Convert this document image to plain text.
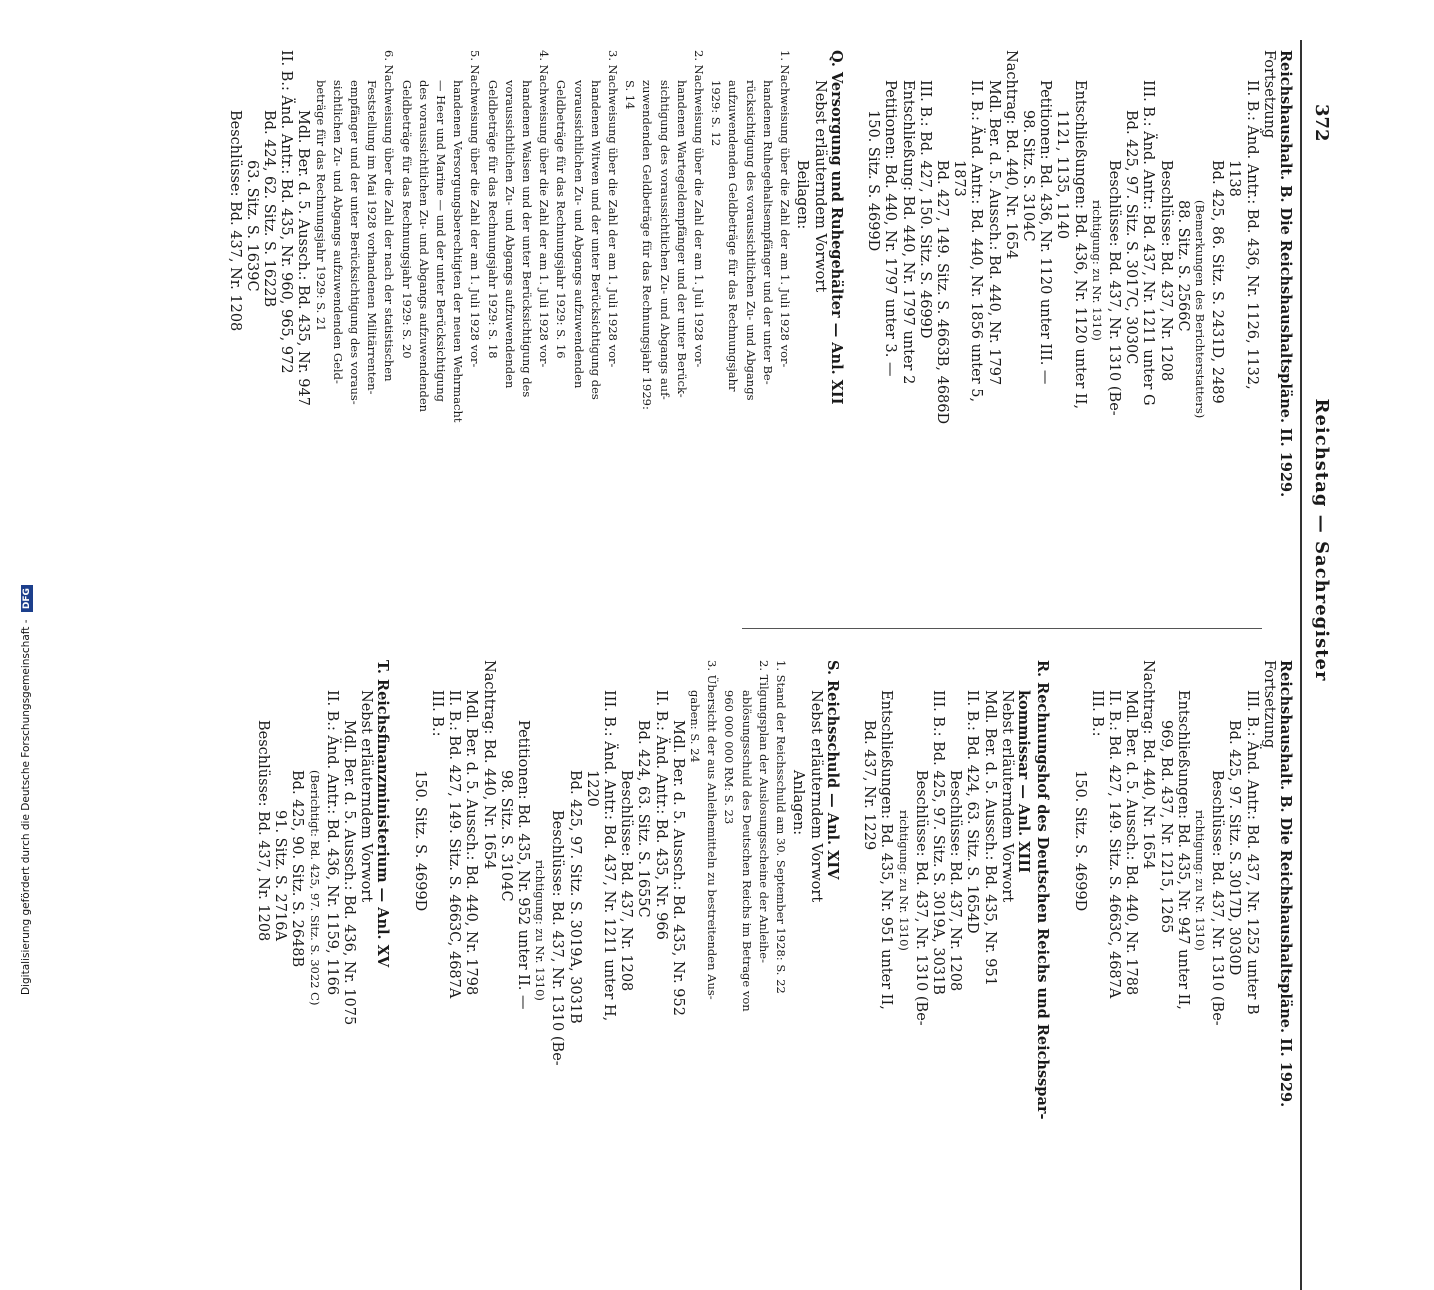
372
Reichstag — Sachregister
Reichshaushalt. B. Die Reichshaushaltspläne. II. 1929.
Fortsetzung
II. B.: Änd. Antr.: Bd. 436, Nr. 1126, 1132,
1138
Bd. 425, 86. Sitz. S. 2431D, 2489
(Bemerkungen des Berichterstatters)
88. Sitz. S. 2566C
Beschlüsse: Bd. 437, Nr. 1208
III. B.: Änd. Antr.: Bd. 437, Nr. 1211 unter G
Bd. 425, 97. Sitz. S. 3017C, 3030C
Beschlüsse: Bd. 437, Nr. 1310 (Be-
richtigung: zu Nr. 1310)
Entschließungen: Bd. 436, Nr. 1120 unter II,
1121, 1135, 1140
Petitionen: Bd. 436, Nr. 1120 unter III. —
98. Sitz. S. 3104C
Nachtrag: Bd. 440, Nr. 1654
Mdl. Ber. d. 5. Aussch.: Bd. 440, Nr. 1797
II. B.: Änd. Antr.: Bd. 440, Nr. 1856 unter 5,
1873
Bd. 427, 149. Sitz. S. 4663B, 4686D
III. B.: Bd. 427, 150. Sitz. S. 4699D
Entschließung: Bd. 440, Nr. 1797 unter 2
Petitionen: Bd. 440, Nr. 1797 unter 3. —
150. Sitz. S. 4699D

Q. Versorgung und Ruhegehälter — Anl. XII
Nebst erläuterndem Vorwort
Beilagen:
1. Nachweisung über die Zahl der am 1. Juli 1928 vor-
handenen Ruhegehaltsempfänger und der unter Be-
rücksichtigung des voraussichtlichen Zu- und Abgangs
aufzuwendenden Geldbeträge für das Rechnungsjahr
1929: S. 12
2. Nachweisung über die Zahl der am 1. Juli 1928 vor-
handenen Wartegeldempfänger und der unter Berück-
sichtigung des voraussichtlichen Zu- und Abgangs auf-
zuwendenden Geldbeträge für das Rechnungsjahr 1929:
S. 14
3. Nachweisung über die Zahl der am 1. Juli 1928 vor-
handenen Witwen und der unter Berücksichtigung des
voraussichtlichen Zu- und Abgangs aufzuwendenden
Geldbeträge für das Rechnungsjahr 1929: S. 16
4. Nachweisung über die Zahl der am 1. Juli 1928 vor-
handenen Waisen und der unter Berücksichtigung des
voraussichtlichen Zu- und Abgangs aufzuwendenden
Geldbeträge für das Rechnungsjahr 1929: S. 18
5. Nachweisung über die Zahl der am 1. Juli 1928 vor-
handenen Versorgungsberechtigten der neuen Wehrmacht
— Heer und Marine — und der unter Berücksichtigung
des voraussichtlichen Zu- und Abgangs aufzuwendenden
Geldbeträge für das Rechnungsjahr 1929: S. 20
6. Nachweisung über die Zahl der nach der statistischen
Feststellung im Mai 1928 vorhandenen Militärrenten-
empfänger und der unter Berücksichtigung des voraus-
sichtlichen Zu- und Abgangs aufzuwendenden Geld-
beträge für das Rechnungsjahr 1929: S. 21
Mdl. Ber. d. 5. Aussch.: Bd. 435, Nr. 947
II. B.: Änd. Antr.: Bd. 435, Nr. 960, 965, 972
Bd. 424, 62. Sitz. S. 1622B
63. Sitz. S. 1639C
Beschlüsse: Bd. 437, Nr. 1208
Reichshaushalt. B. Die Reichshaushaltspläne. II. 1929.
Fortsetzung
III. B.: Änd. Antr.: Bd. 437, Nr. 1252 unter B
Bd. 425, 97. Sitz. S. 3017D, 3030D
Beschlüsse: Bd. 437, Nr. 1310 (Be-
richtigung: zu Nr. 1310)
Entschließungen: Bd. 435, Nr. 947 unter II,
969, Bd. 437, Nr. 1215, 1265
Nachtrag: Bd. 440, Nr. 1654
Mdl. Ber. d. 5. Aussch.: Bd. 440, Nr. 1788
II. B.: Bd. 427, 149. Sitz. S. 4663C, 4687A
III. B.:
150. Sitz. S. 4699D

R. Rechnungshof des Deutschen Reichs und Reichsspar-
kommissar — Anl. XIII
Nebst erläuterndem Vorwort
Mdl. Ber. d. 5. Aussch.: Bd. 435, Nr. 951
II. B.: Bd. 424, 63. Sitz. S. 1654D
Beschlüsse: Bd. 437, Nr. 1208
III. B.: Bd. 425, 97. Sitz. S. 3019A, 3031B
Beschlüsse: Bd. 437, Nr. 1310 (Be-
richtigung: zu Nr. 1310)
Entschließungen: Bd. 435, Nr. 951 unter II,
Bd. 437, Nr. 1229

S. Reichsschuld — Anl. XIV
Nebst erläuterndem Vorwort
Anlagen:
1. Stand der Reichsschuld am 30. September 1928: S. 22
2. Tilgungsplan der Auslosungsscheine der Anleihe-
ablösungsschuld des Deutschen Reichs im Betrage von
960 000 000 RM: S. 23
3. Übersicht der aus Anleihemitteln zu bestreitenden Aus-
gaben: S. 24
Mdl. Ber. d. 5. Aussch.: Bd. 435, Nr. 952
II. B.: Änd. Antr.: Bd. 435, Nr. 966
Bd. 424, 63. Sitz. S. 1655C
Beschlüsse: Bd. 437, Nr. 1208
III. B.: Änd. Antr.: Bd. 437, Nr. 1211 unter H,
1220
Bd. 425, 97. Sitz. S. 3019A, 3031B
Beschlüsse: Bd. 437, Nr. 1310 (Be-
richtigung: zu Nr. 1310)
Petitionen: Bd. 435, Nr. 952 unter II. —
98. Sitz. S. 3104C
Nachtrag: Bd. 440, Nr. 1654
Mdl. Ber. d. 5. Aussch.: Bd. 440, Nr. 1798
II. B.: Bd. 427, 149. Sitz. S. 4663C, 4687A
III. B.:
150. Sitz. S. 4699D

T. Reichsfinanzministerium — Anl. XV
Nebst erläuterndem Vorwort
Mdl. Ber. d. 5. Aussch.: Bd. 436, Nr. 1075
II. B.: Änd. Antr.: Bd. 436, Nr. 1159, 1166
(Berichtigt: Bd. 425, 97. Sitz. S. 3022 C)
Bd. 425, 90. Sitz. S. 2648B
91. Sitz. S. 2716A
Beschlüsse: Bd. 437, Nr. 1208
Digitalisierung gefördert durch die Deutsche Forschungsgemeinschaft - DFG
